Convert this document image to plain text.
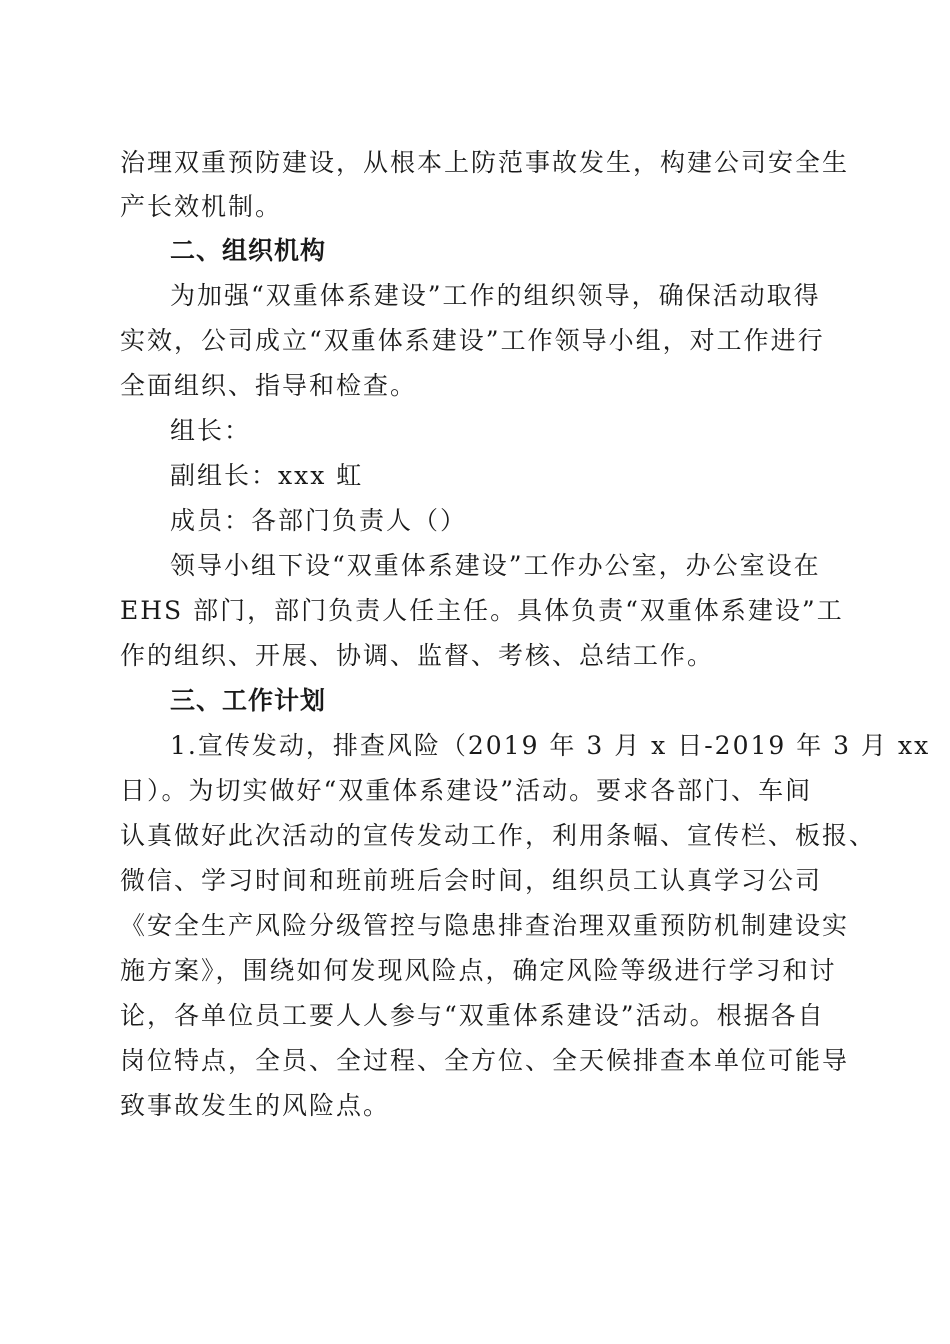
治理双重预防建设，从根本上防范事故发生，构建公司安全生
产长效机制。
二、组织机构
为加强“双重体系建设”工作的组织领导，确保活动取得
实效，公司成立“双重体系建设”工作领导小组，对工作进行
全面组织、指导和检查。
组长：
副组长：xxx 虹
成员：各部门负责人（）
领导小组下设“双重体系建设”工作办公室，办公室设在
EHS 部门，部门负责人任主任。具体负责“双重体系建设”工
作的组织、开展、协调、监督、考核、总结工作。
三、工作计划
1.宣传发动，排查风险（2019 年 3 月 x 日-2019 年 3 月 xx
日）。为切实做好“双重体系建设”活动。要求各部门、车间
认真做好此次活动的宣传发动工作，利用条幅、宣传栏、板报、
微信、学习时间和班前班后会时间，组织员工认真学习公司
《安全生产风险分级管控与隐患排查治理双重预防机制建设实
施方案》，围绕如何发现风险点，确定风险等级进行学习和讨
论，各单位员工要人人参与“双重体系建设”活动。根据各自
岗位特点，全员、全过程、全方位、全天候排查本单位可能导
致事故发生的风险点。
